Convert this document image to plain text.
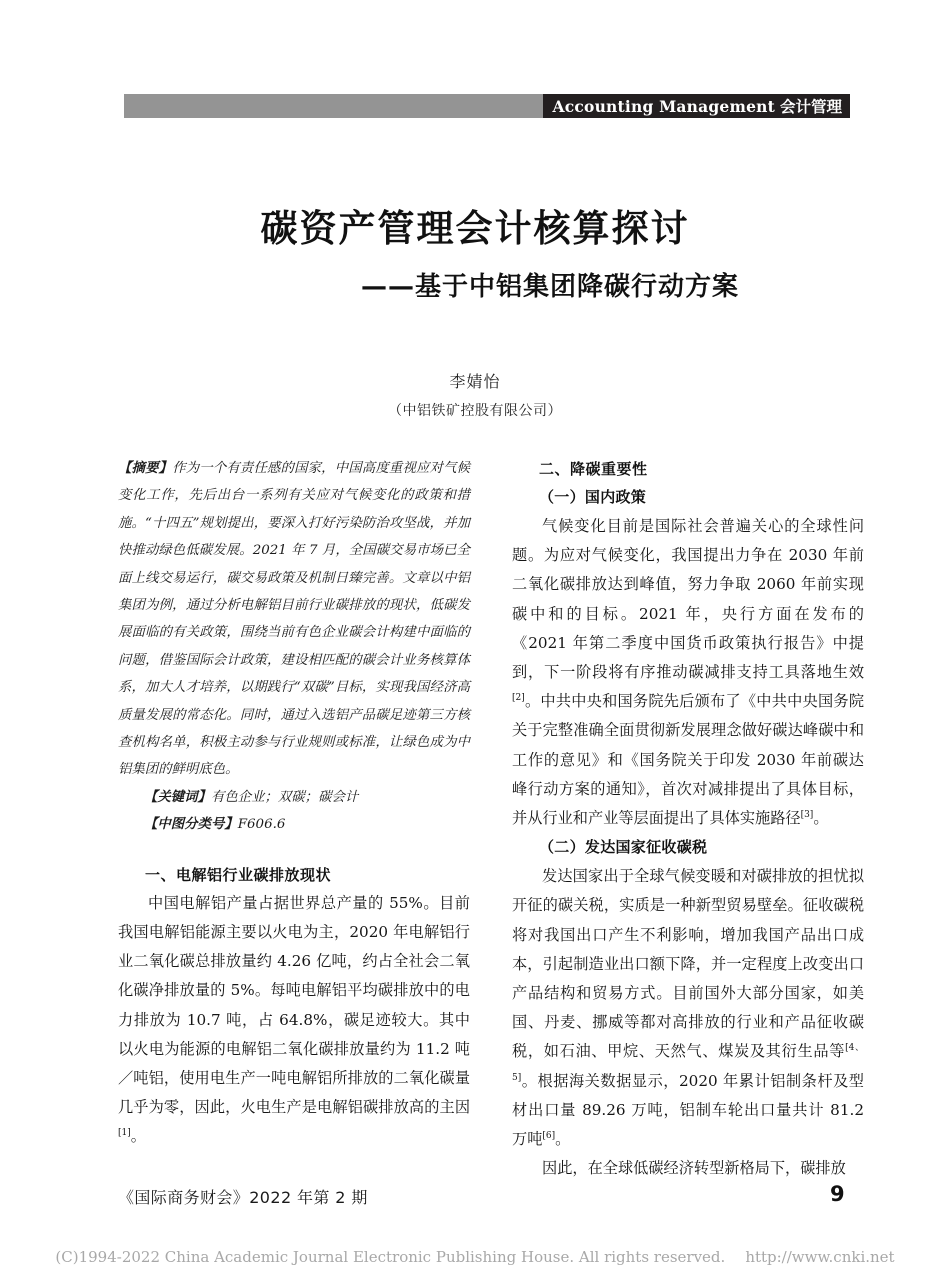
Accounting Management 会计管理
碳资产管理会计核算探讨
——基于中铝集团降碳行动方案
李婧怡
（中铝铁矿控股有限公司）
【摘要】作为一个有责任感的国家，中国高度重视应对气候变化工作，先后出台一系列有关应对气候变化的政策和措施。“十四五”规划提出，要深入打好污染防治攻坚战，并加快推动绿色低碳发展。2021 年 7 月，全国碳交易市场已全面上线交易运行，碳交易政策及机制日臻完善。文章以中铝集团为例，通过分析电解铝目前行业碳排放的现状，低碳发展面临的有关政策，围绕当前有色企业碳会计构建中面临的问题，借鉴国际会计政策，建设相匹配的碳会计业务核算体系，加大人才培养，以期践行“双碳”目标，实现我国经济高质量发展的常态化。同时，通过入选铝产品碳足迹第三方核查机构名单，积极主动参与行业规则或标准，让绿色成为中铝集团的鲜明底色。
【关键词】有色企业；双碳；碳会计
【中图分类号】F606.6
一、电解铝行业碳排放现状
中国电解铝产量占据世界总产量的 55%。目前我国电解铝能源主要以火电为主，2020 年电解铝行业二氧化碳总排放量约 4.26 亿吨，约占全社会二氧化碳净排放量的 5%。每吨电解铝平均碳排放中的电力排放为 10.7 吨，占 64.8%，碳足迹较大。其中以火电为能源的电解铝二氧化碳排放量约为 11.2 吨／吨铝，使用电生产一吨电解铝所排放的二氧化碳量几乎为零，因此，火电生产是电解铝碳排放高的主因[1]。
二、降碳重要性
（一）国内政策
气候变化目前是国际社会普遍关心的全球性问题。为应对气候变化，我国提出力争在 2030 年前二氧化碳排放达到峰值，努力争取 2060 年前实现碳中和的目标。2021 年，央行方面在发布的《2021 年第二季度中国货币政策执行报告》中提到，下一阶段将有序推动碳减排支持工具落地生效[2]。中共中央和国务院先后颁布了《中共中央国务院关于完整准确全面贯彻新发展理念做好碳达峰碳中和工作的意见》和《国务院关于印发 2030 年前碳达峰行动方案的通知》，首次对减排提出了具体目标，并从行业和产业等层面提出了具体实施路径[3]。
（二）发达国家征收碳税
发达国家出于全球气候变暖和对碳排放的担忧拟开征的碳关税，实质是一种新型贸易壁垒。征收碳税将对我国出口产生不利影响，增加我国产品出口成本，引起制造业出口额下降，并一定程度上改变出口产品结构和贸易方式。目前国外大部分国家，如美国、丹麦、挪威等都对高排放的行业和产品征收碳税，如石油、甲烷、天然气、煤炭及其衍生品等[4、5]。根据海关数据显示，2020 年累计铝制条杆及型材出口量 89.26 万吨，铝制车轮出口量共计 81.2 万吨[6]。
因此，在全球低碳经济转型新格局下，碳排放
《国际商务财会》2022 年第 2 期	9
(C)1994-2022 China Academic Journal Electronic Publishing House. All rights reserved. http://www.cnki.net
